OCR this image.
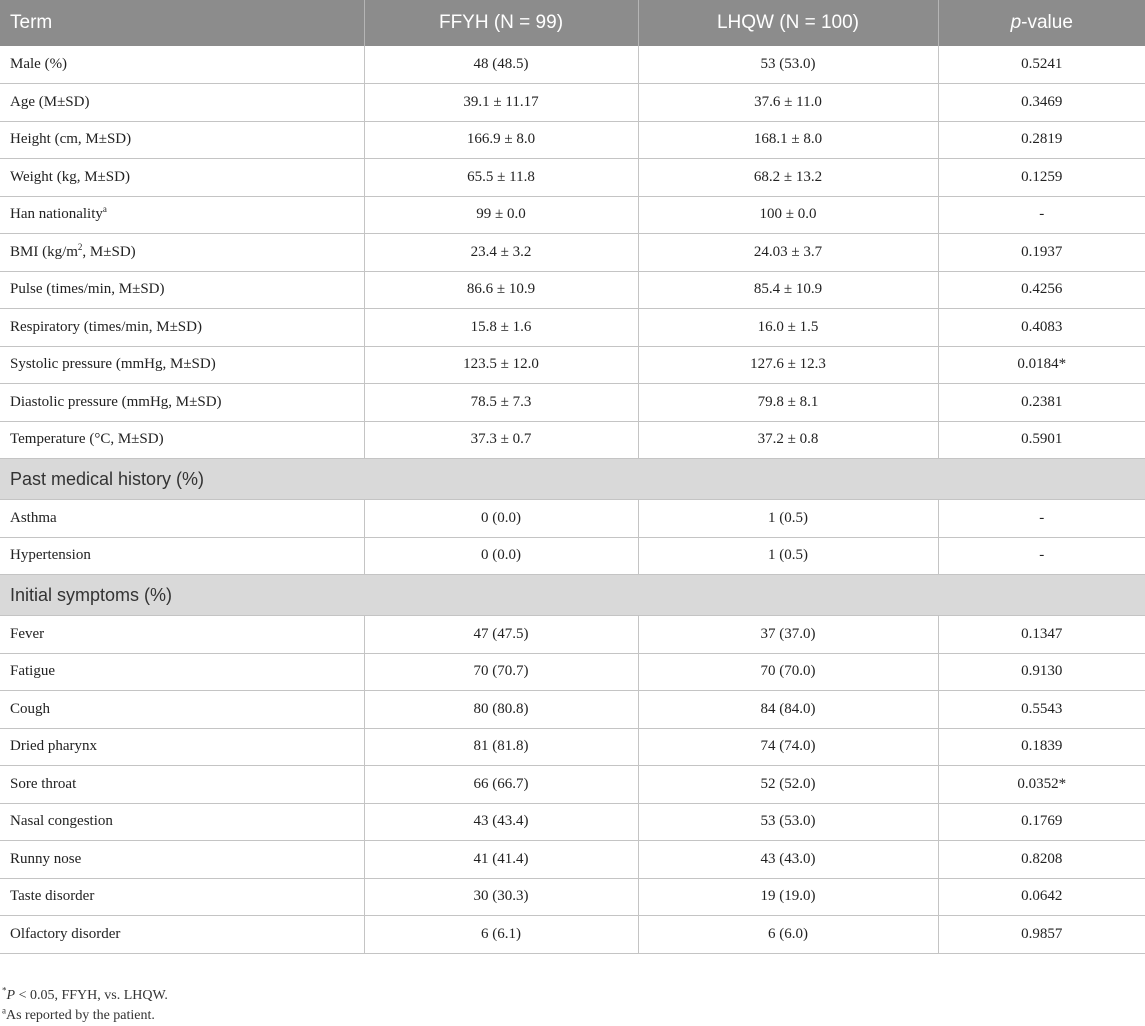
Term	FFYH (N = 99)	LHQW (N = 100)	p-value
Male (%)	48 (48.5)	53 (53.0)	0.5241
Age (M±SD)	39.1 ± 11.17	37.6 ± 11.0	0.3469
Height (cm, M±SD)	166.9 ± 8.0	168.1 ± 8.0	0.2819
Weight (kg, M±SD)	65.5 ± 11.8	68.2 ± 13.2	0.1259
Han nationality$^a$	99 ± 0.0	100 ± 0.0	-
BMI ($kg/m^2$, M±SD)	23.4 ± 3.2	24.03 ± 3.7	0.1937
Pulse (times/min, M±SD)	86.6 ± 10.9	85.4 ± 10.9	0.4256
Respiratory (times/min, M±SD)	15.8 ± 1.6	16.0 ± 1.5	0.4083
Systolic pressure (mmHg, M±SD)	123.5 ± 12.0	127.6 ± 12.3	0.0184*
Diastolic pressure (mmHg, M±SD)	78.5 ± 7.3	79.8 ± 8.1	0.2381
Temperature (°C, M±SD)	37.3 ± 0.7	37.2 ± 0.8	0.5901
Past medical history (%)			
Asthma	0 (0.0)	1 (0.5)	-
Hypertension	0 (0.0)	1 (0.5)	-
Initial symptoms (%)			
Fever	47 (47.5)	37 (37.0)	0.1347
Fatigue	70 (70.7)	70 (70.0)	0.9130
Cough	80 (80.8)	84 (84.0)	0.5543
Dried pharynx	81 (81.8)	74 (74.0)	0.1839
Sore throat	66 (66.7)	52 (52.0)	0.0352*
Nasal congestion	43 (43.4)	53 (53.0)	0.1769
Runny nose	41 (41.4)	43 (43.0)	0.8208
Taste disorder	30 (30.3)	19 (19.0)	0.0642
Olfactory disorder	6 (6.1)	6 (6.0)	0.9857
*P < 0.05, FFYH, vs. LHQW.
$^a$As reported by the patient.
